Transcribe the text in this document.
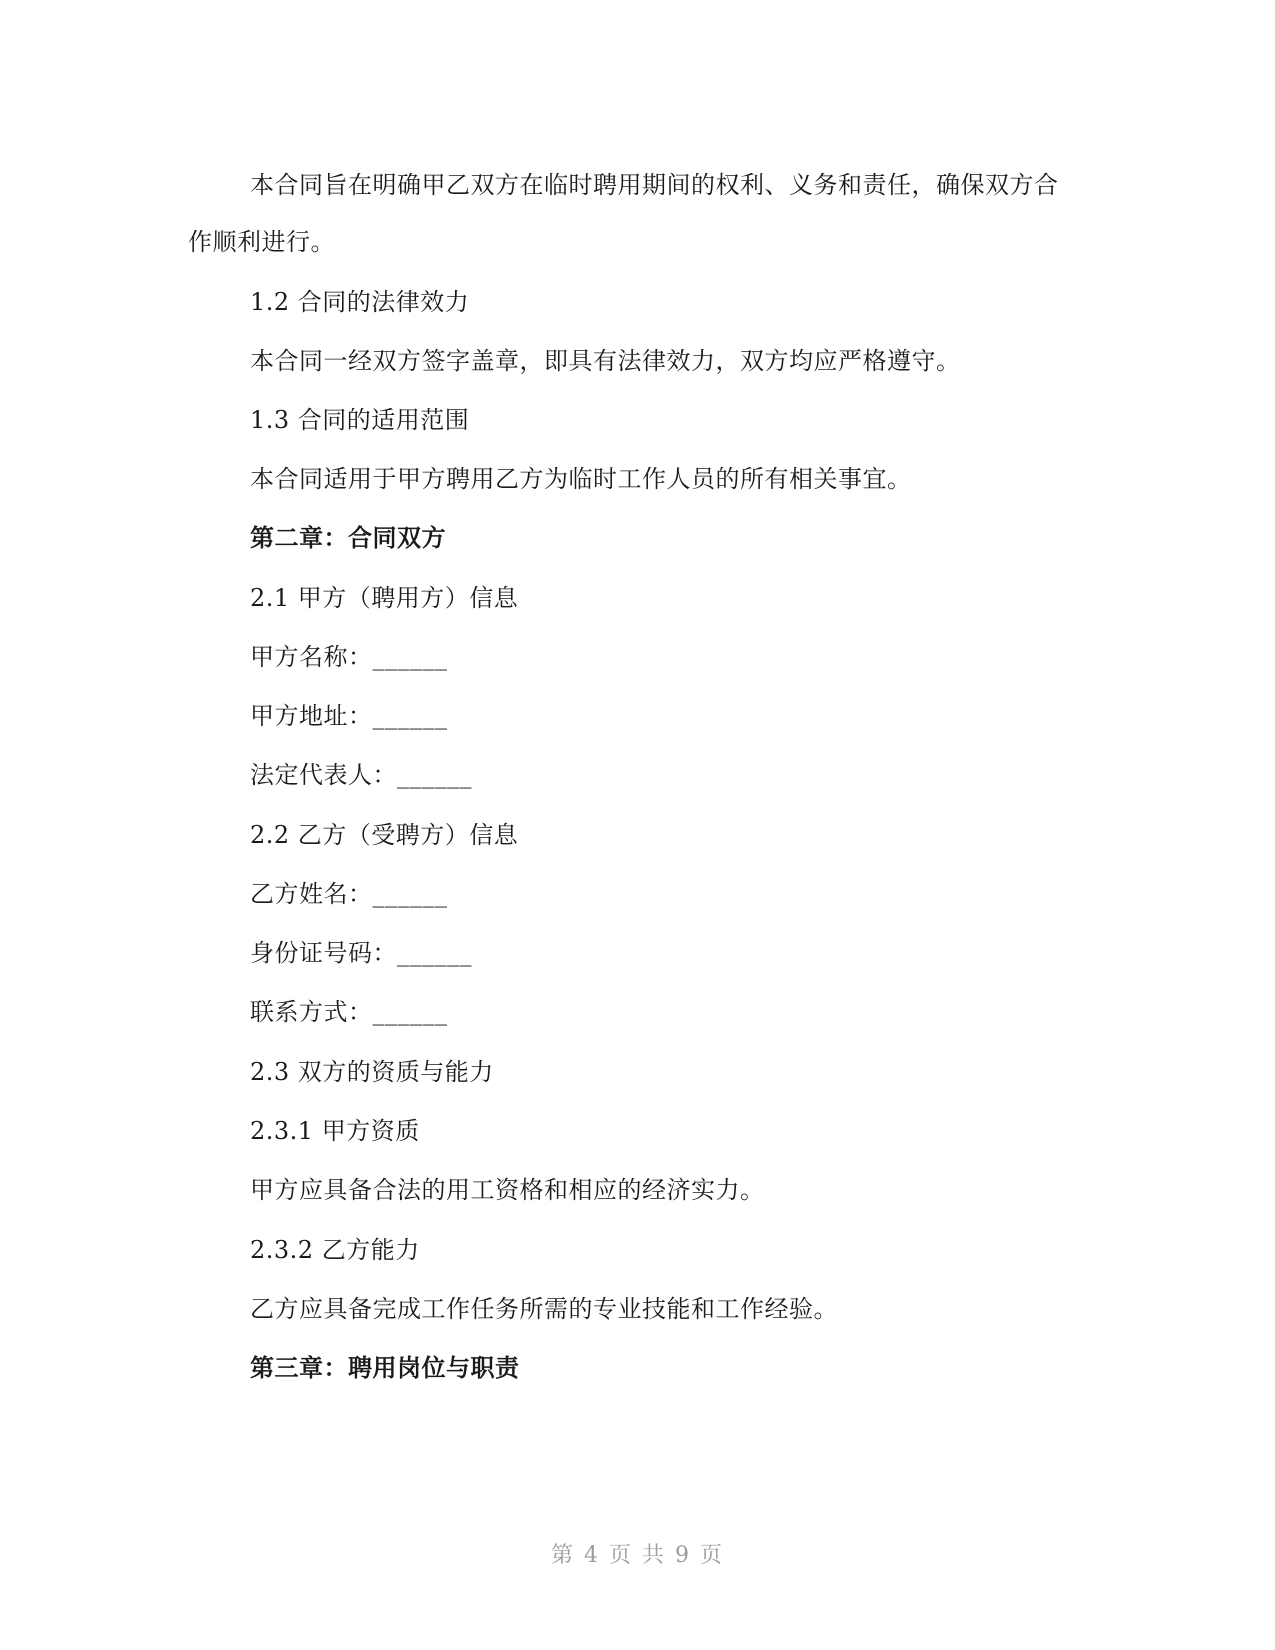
本合同旨在明确甲乙双方在临时聘用期间的权利、义务和责任，确保双方合
作顺利进行。
1.2 合同的法律效力
本合同一经双方签字盖章，即具有法律效力，双方均应严格遵守。
1.3 合同的适用范围
本合同适用于甲方聘用乙方为临时工作人员的所有相关事宜。
第二章：合同双方
2.1 甲方（聘用方）信息
甲方名称：______
甲方地址：______
法定代表人：______
2.2 乙方（受聘方）信息
乙方姓名：______
身份证号码：______
联系方式：______
2.3 双方的资质与能力
2.3.1 甲方资质
甲方应具备合法的用工资格和相应的经济实力。
2.3.2 乙方能力
乙方应具备完成工作任务所需的专业技能和工作经验。
第三章：聘用岗位与职责
第 4 页 共 9 页
